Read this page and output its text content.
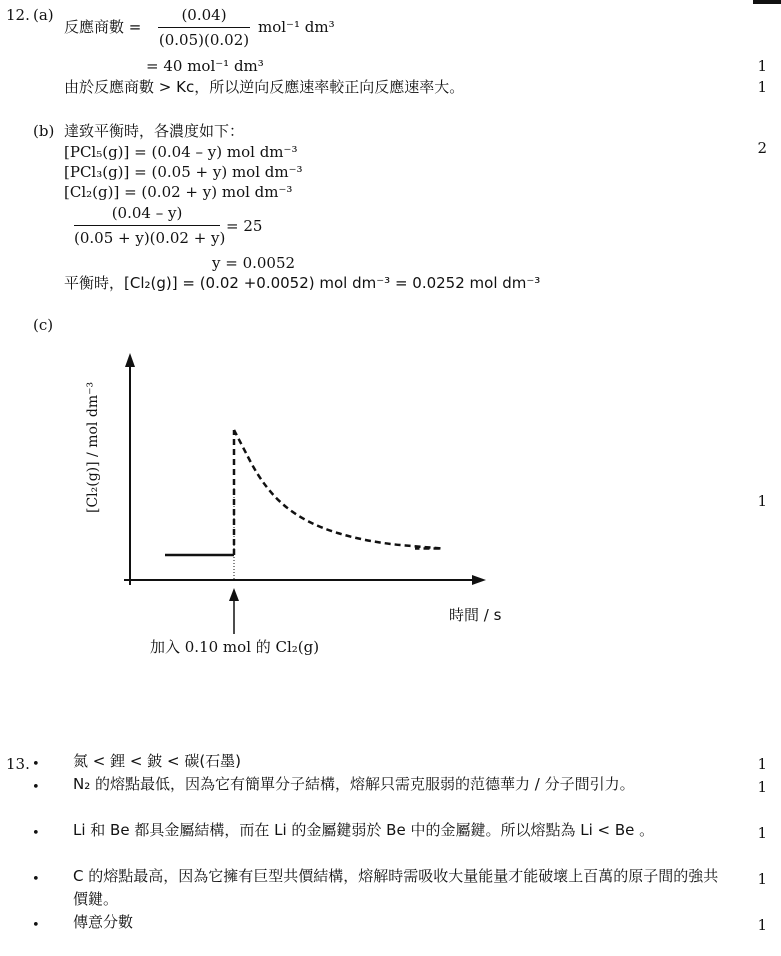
12. (a)
反應商數 =
(0.04)
(0.05)(0.02)
mol⁻¹ dm³
= 40 mol⁻¹ dm³	1
由於反應商數 > Kc，所以逆向反應速率較正向反應速率大。	1
(b) 達致平衡時，各濃度如下：
2
[PCl₅(g)] = (0.04 – y) mol dm⁻³
[PCl₃(g)] = (0.05 + y) mol dm⁻³
[Cl₂(g)] = (0.02 + y) mol dm⁻³
(0.04 – y)
(0.05 + y)(0.02 + y)
= 25
y = 0.0052
平衡時，[Cl₂(g)] = (0.02 +0.0052) mol dm⁻³ = 0.0252 mol dm⁻³
(c)
1
[Cl₂(g)] / mol dm⁻³
時間 / s
加入 0.10 mol 的 Cl₂(g)
13. • 氮 < 鋰 < 鈹 < 碳(石墨)	1
• N₂ 的熔點最低，因為它有簡單分子結構，熔解只需克服弱的范德華力 / 分子間引力。	1
• Li 和 Be 都具金屬結構，而在 Li 的金屬鍵弱於 Be 中的金屬鍵。所以熔點為 Li < Be 。	1
• C 的熔點最高，因為它擁有巨型共價結構，熔解時需吸收大量能量才能破壞上百萬的原子間的強共價鍵。
1
• 傳意分數	1
